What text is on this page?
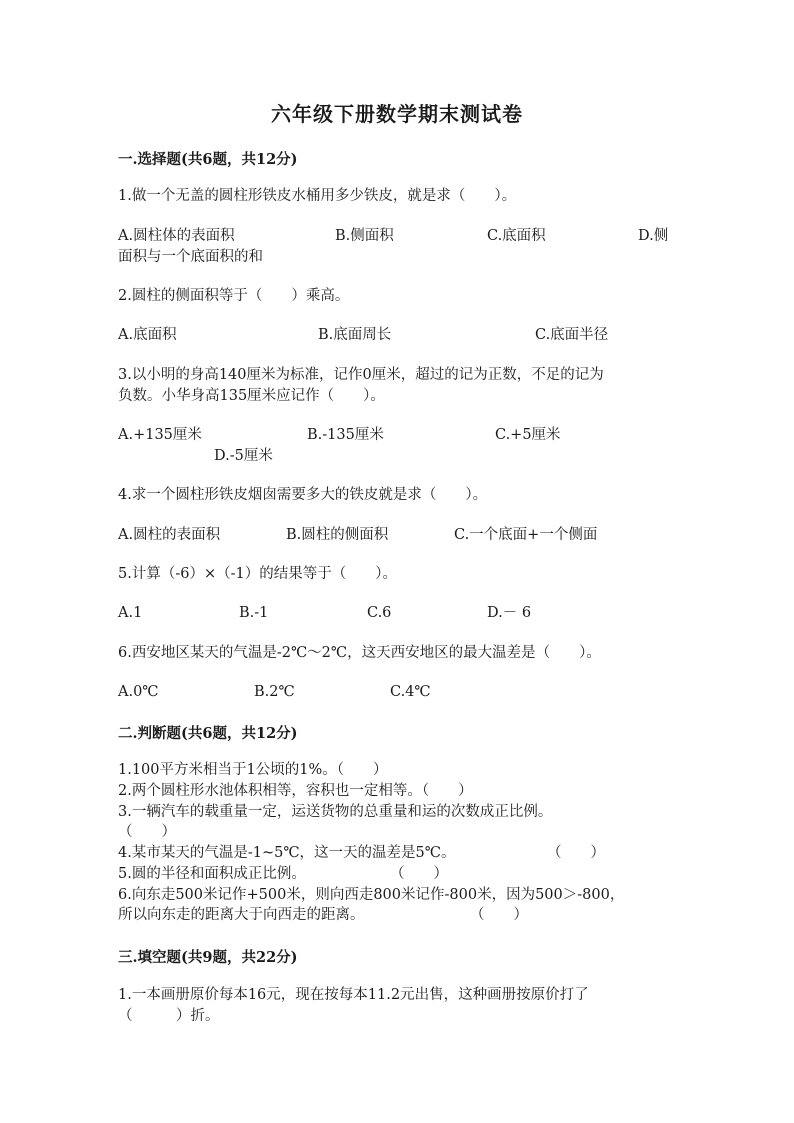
六年级下册数学期末测试卷
一.选择题(共6题，共12分)
1.做一个无盖的圆柱形铁皮水桶用多少铁皮，就是求（　　）。
A.圆柱体的表面积	B.侧面积	C.底面积	D.侧
面积与一个底面积的和
2.圆柱的侧面积等于（　　）乘高。
A.底面积	B.底面周长	C.底面半径
3.以小明的身高140厘米为标准，记作0厘米，超过的记为正数，不足的记为
负数。小华身高135厘米应记作（　　）。
A.+135厘米	B.-135厘米	C.+5厘米
D.-5厘米
4.求一个圆柱形铁皮烟囱需要多大的铁皮就是求（　　）。
A.圆柱的表面积	B.圆柱的侧面积	C.一个底面+一个侧面
5.计算（-6）×（-1）的结果等于（　　）。
A.1	B.-1	C.6	D.－ 6
6.西安地区某天的气温是-2℃～2℃，这天西安地区的最大温差是（　　）。
A.0℃	B.2℃	C.4℃
二.判断题(共6题，共12分)
1.100平方米相当于1公顷的1%。（　　）
2.两个圆柱形水池体积相等，容积也一定相等。（　　）
3.一辆汽车的载重量一定，运送货物的总重量和运的次数成正比例。
（　　）
4.某市某天的气温是-1~5℃，这一天的温差是5℃。	（　　）
5.圆的半径和面积成正比例。	（　　）
6.向东走500米记作+500米，则向西走800米记作-800米，因为500＞-800，
所以向东走的距离大于向西走的距离。	（　　）
三.填空题(共9题，共22分)
1.一本画册原价每本16元，现在按每本11.2元出售，这种画册按原价打了
（　　　）折。
